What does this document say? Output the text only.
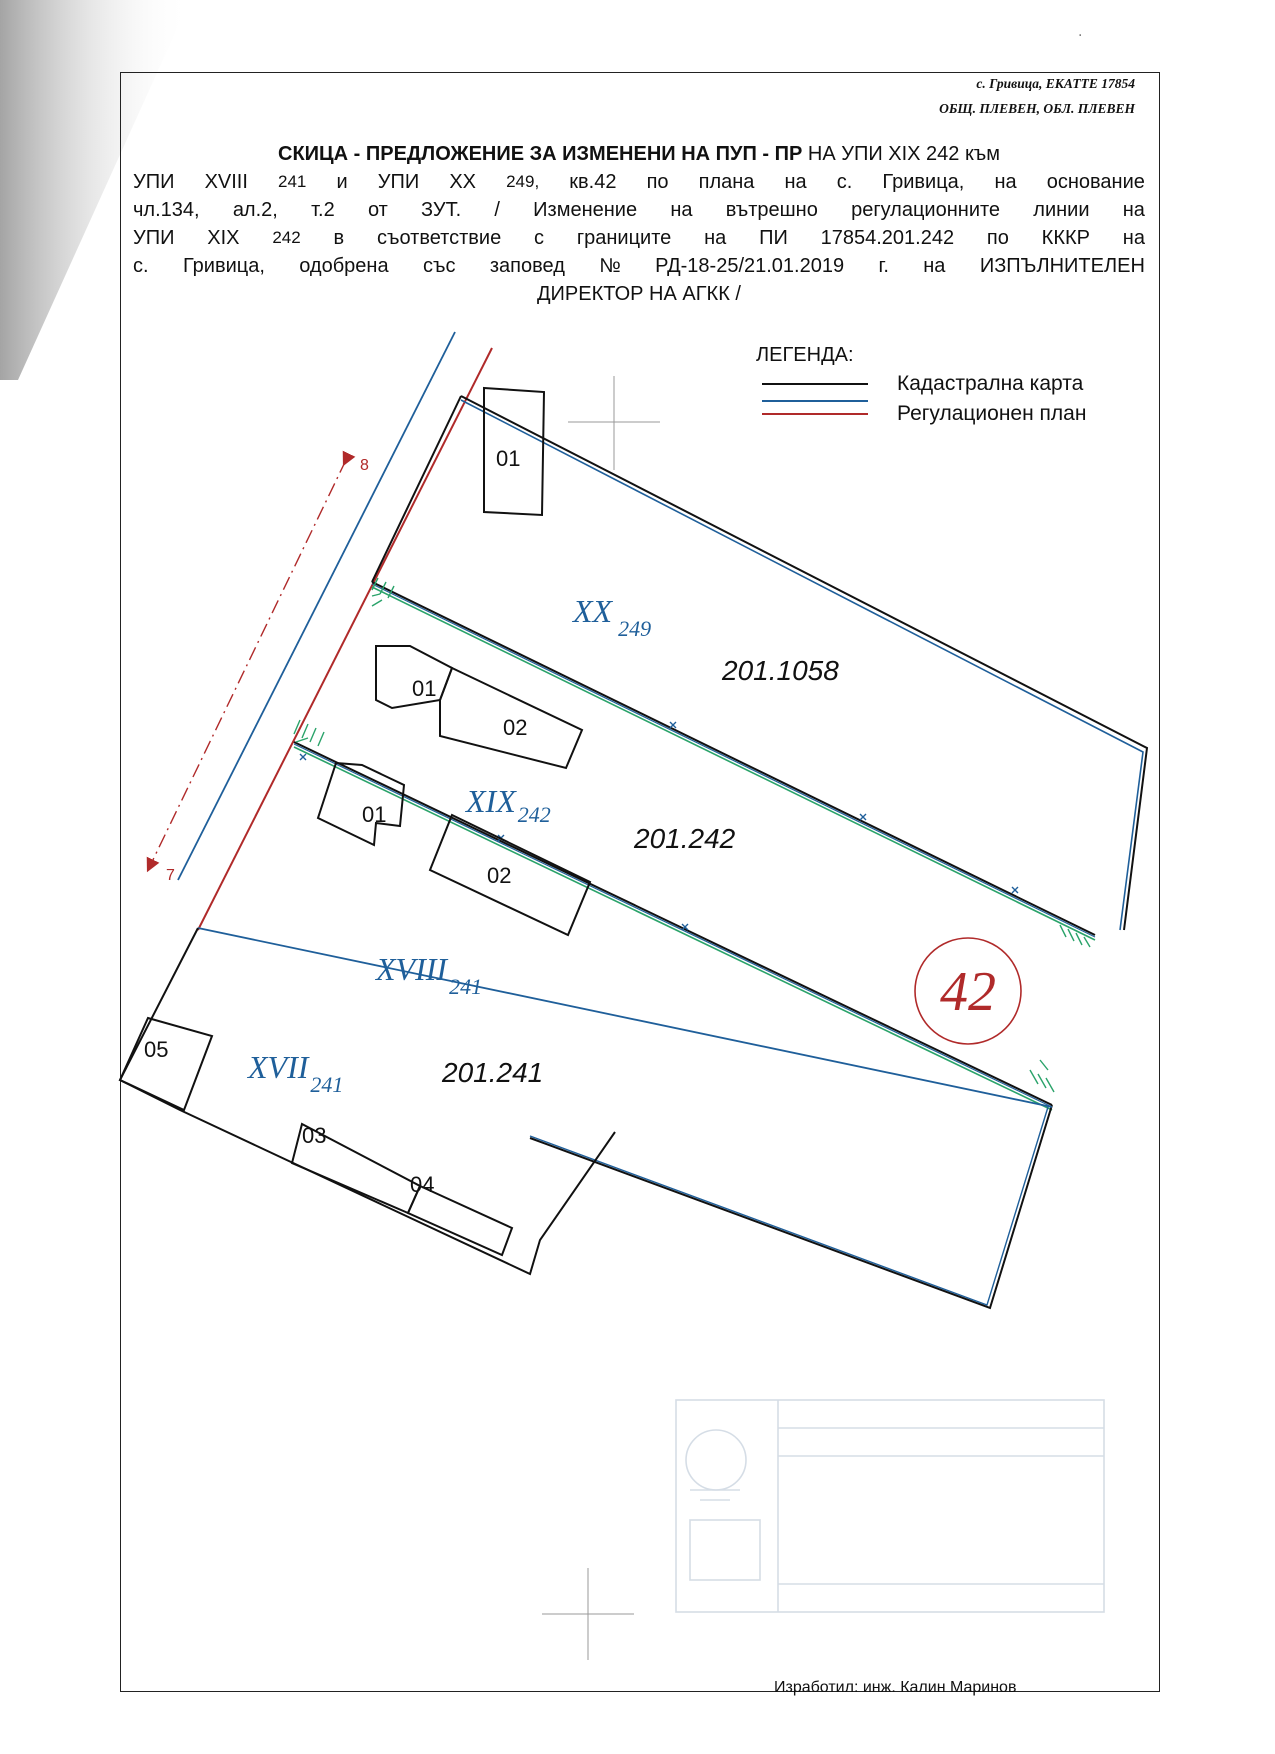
с. Гривица, ЕКАТТЕ 17854
ОБЩ. ПЛЕВЕН, ОБЛ. ПЛЕВЕН
СКИЦА - ПРЕДЛОЖЕНИЕ ЗА ИЗМЕНЕНИ НА ПУП - ПР НА УПИ XIX 242 към
УПИ XVIII 241 и УПИ XX 249, кв.42 по плана на с. Гривица, на основание
чл.134, ал.2, т.2 от ЗУТ. / Изменение на вътрешно регулационните линии на
УПИ XIX 242 в съответствие с границите на ПИ 17854.201.242 по КККР на
с. Гривица, одобрена със заповед № РД-18-25/21.01.2019 г. на ИЗПЪЛНИТЕЛЕН
ДИРЕКТОР НА АГКК /
ЛЕГЕНДА:
Кадастрална карта
Регулационен план
8
7
01
01
02
01
02
05
03
04
XX $_{249}$
$XIX_{242}$
$XVIII_{241}$
$XVII_{241}$
201.1058
201.242
201.241
42
·
Изработил: инж. Калин Маринов
